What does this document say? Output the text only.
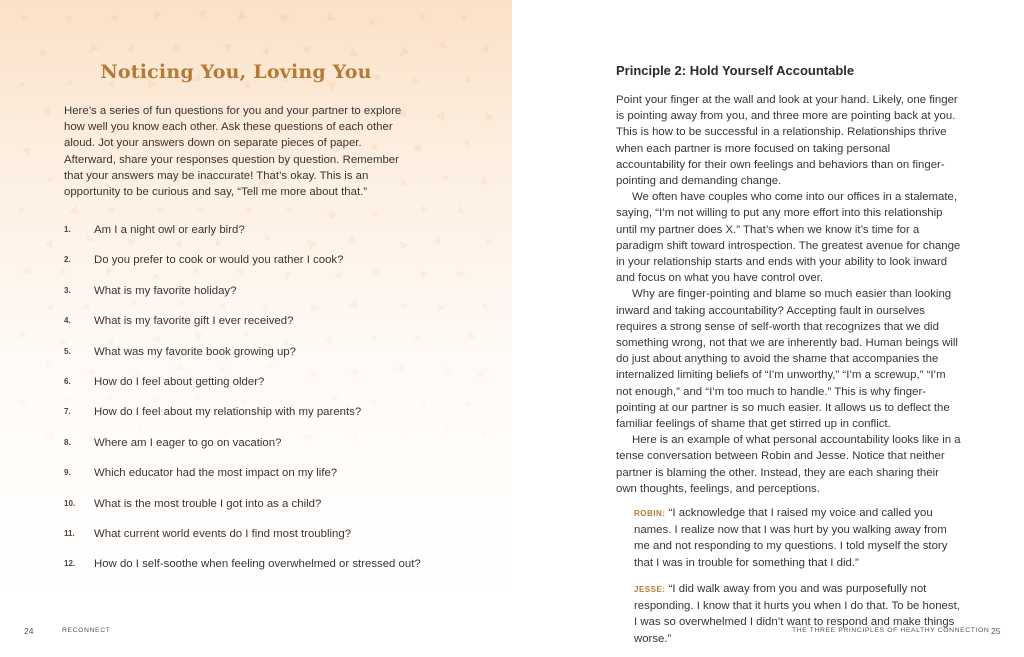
Noticing You, Loving You

Here’s a series of fun questions for you and your partner to explore how well you know each other. Ask these questions of each other aloud. Jot your answers down on separate pieces of paper. Afterward, share your responses question by question. Remember that your answers may be inaccurate! That’s okay. This is an opportunity to be curious and say, “Tell me more about that.”

1.	Am I a night owl or early bird?
2.	Do you prefer to cook or would you rather I cook?
3.	What is my favorite holiday?
4.	What is my favorite gift I ever received?
5.	What was my favorite book growing up?
6.	How do I feel about getting older?
7.	How do I feel about my relationship with my parents?
8.	Where am I eager to go on vacation?
9.	Which educator had the most impact on my life?
10.	What is the most trouble I got into as a child?
11.	What current world events do I find most troubling?
12.	How do I self-soothe when feeling overwhelmed or stressed out?
24	RECONNECT
Principle 2: Hold Yourself Accountable

Point your finger at the wall and look at your hand. Likely, one finger is pointing away from you, and three more are pointing back at you. This is how to be successful in a relationship. Relationships thrive when each partner is more focused on taking personal accountability for their own feelings and behaviors than on finger-pointing and demanding change.

We often have couples who come into our offices in a stalemate, saying, “I’m not willing to put any more effort into this relationship until my partner does X.” That’s when we know it’s time for a paradigm shift toward introspection. The greatest avenue for change in your relationship starts and ends with your ability to look inward and focus on what you have control over.

Why are finger-pointing and blame so much easier than looking inward and taking accountability? Accepting fault in ourselves requires a strong sense of self-worth that recognizes that we did something wrong, not that we are inherently bad. Human beings will do just about anything to avoid the shame that accompanies the internalized limiting beliefs of “I’m unworthy,” “I’m a screwup,” “I’m not enough,” and “I’m too much to handle.” This is why finger-pointing at our partner is so much easier. It allows us to deflect the familiar feelings of shame that get stirred up in conflict.

Here is an example of what personal accountability looks like in a tense conversation between Robin and Jesse. Notice that neither partner is blaming the other. Instead, they are each sharing their own thoughts, feelings, and perceptions.

ROBIN: “I acknowledge that I raised my voice and called you names. I realize now that I was hurt by you walking away from me and not responding to my questions. I told myself the story that I was in trouble for something that I did.”

JESSE: “I did walk away from you and was purposefully not responding. I know that it hurts you when I do that. To be honest, I was so overwhelmed I didn’t want to respond and make things worse.”

THE THREE PRINCIPLES OF HEALTHY CONNECTION 25
